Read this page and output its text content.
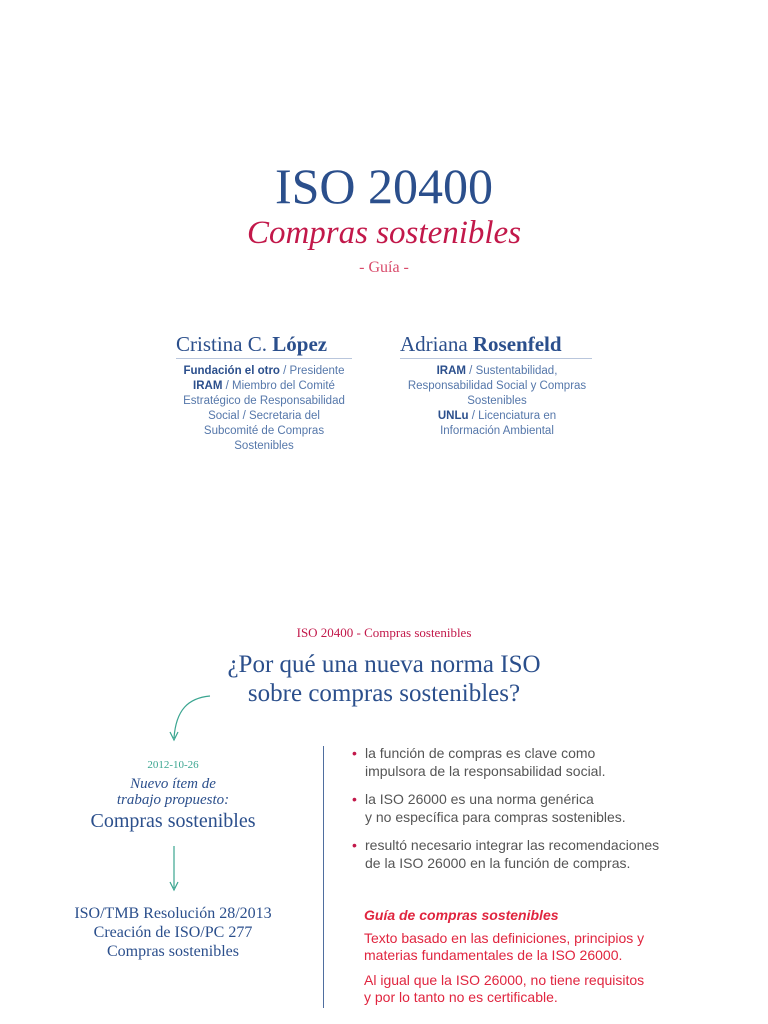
ISO 20400
Compras sostenibles
- Guía -
Cristina C. López
Fundación el otro / Presidente
IRAM / Miembro del Comité Estratégico de Responsabilidad Social / Secretaria del Subcomité de Compras Sostenibles
Adriana Rosenfeld
IRAM / Sustentabilidad, Responsabilidad Social y Compras Sostenibles
UNLu / Licenciatura en Información Ambiental
ISO 20400 - Compras sostenibles
¿Por qué una nueva norma ISO
sobre compras sostenibles?
2012-10-26
Nuevo ítem de
trabajo propuesto:
Compras sostenibles
ISO/TMB Resolución 28/2013
Creación de ISO/PC 277
Compras sostenibles
• la función de compras es clave como
impulsora de la responsabilidad social.
• la ISO 26000 es una norma genérica
y no específica para compras sostenibles.
• resultó necesario integrar las recomendaciones
de la ISO 26000 en la función de compras.
Guía de compras sostenibles
Texto basado en las definiciones, principios y
materias fundamentales de la ISO 26000.
Al igual que la ISO 26000, no tiene requisitos
y por lo tanto no es certificable.
